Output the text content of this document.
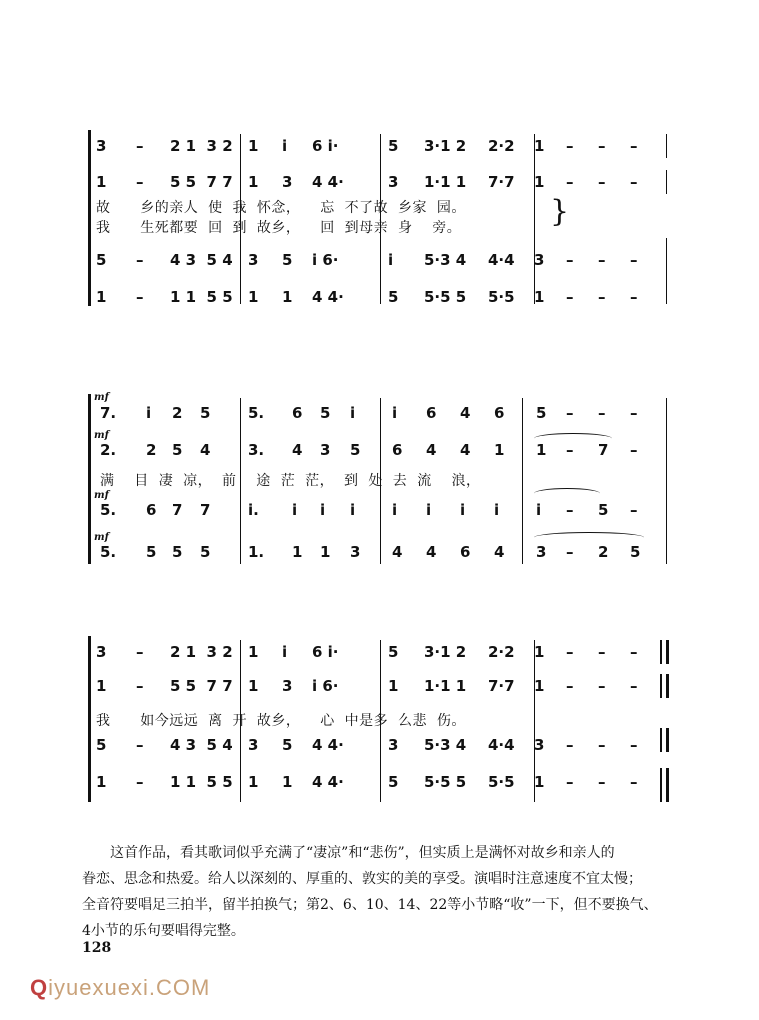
}
故      乡的亲人  使  我  怀念，    忘  不了故  乡家  园。
我      生死都要  回  到  故乡，    回  到母亲  身    旁。
满    目  凄  凉，  前    途  茫  茫，  到  处  去  流    浪，
我      如今远远  离  开  故乡，    心  中是多  么悲  伤。
mf
mf
mf
mf
3 – 2 1  3 2 1 i 6 i·	5 3·1 2 2·2 1 – – –
1 – 5 5  7 7 1 3 4 4·	3 1·1 1 7·7 1 – – –
5 – 4 3  5 4 3 5 i 6·	i 5·3 4 4·4 3 – – –
1 – 1 1  5 5 1 1 4 4·	5 5·5 5 5·5 1 – – –
7. i 2 5	5. 6 5 i i 6 4 6 5 – – –
2. 2 5 4	3. 4 3 5 6 4 4 1 1 – 7 –
5. 6 7 7	i. i i i i i i i i – 5 –
5. 5 5 5	1. 1 1 3 4 4 6 4 3 – 2 5
3 – 2 1  3 2 1 i 6 i·	5 3·1 2 2·2 1 – – –
1 – 5 5  7 7 1 3 i 6·	1 1·1 1 7·7 1 – – –
5 – 4 3  5 4 3 5 4 4·	3 5·3 4 4·4 3 – – –
1 – 1 1  5 5 1 1 4 4·	5 5·5 5 5·5 1 – – –
这首作品，看其歌词似乎充满了“凄凉”和“悲伤”，但实质上是满怀对故乡和亲人的
眷恋、思念和热爱。给人以深刻的、厚重的、敦实的美的享受。演唱时注意速度不宜太慢；
全音符要唱足三拍半，留半拍换气；第2、6、10、14、22等小节略“收”一下，但不要换气、
4小节的乐句要唱得完整。
128
Qiyuexuexi.COM
